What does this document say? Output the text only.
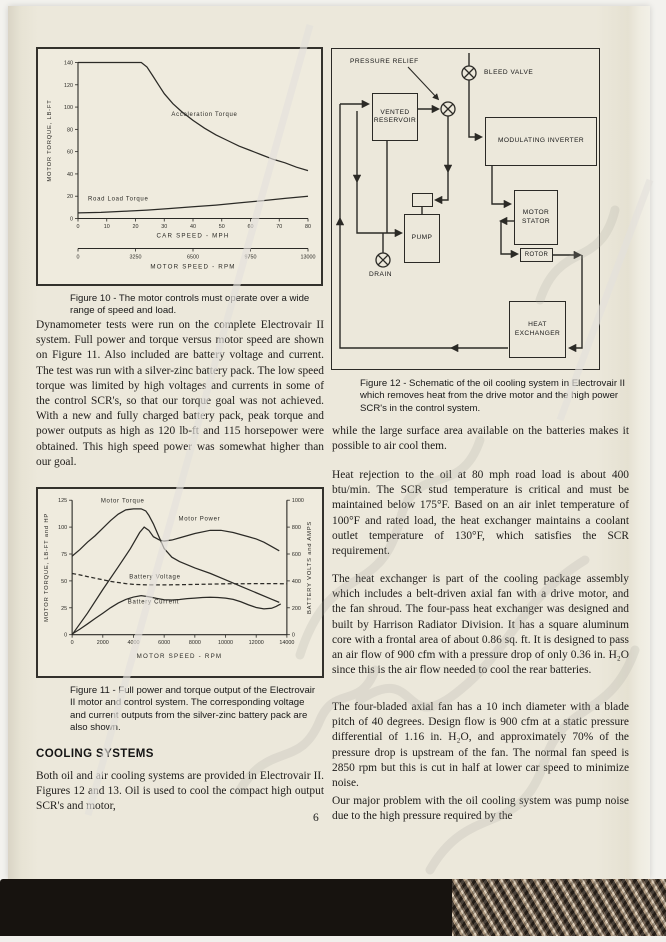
0	10	20	30	40	50	60	70	80
CAR SPEED - MPH
0
20
40
60
80
100
120
140
MOTOR TORQUE, LB-FT
0	3250	6500	9750	13000
MOTOR SPEED - RPM
Acceleration Torque
Road Load Torque
Figure 10 - The motor controls must operate over a wide range of speed and load.
Dynamometer tests were run on the complete Electrovair II system. Full power and torque versus motor speed are shown on Figure 11. Also included are battery voltage and current. The test was run with a silver-zinc battery pack. The low speed torque was limited by high voltages and currents in some of the control SCR's, so that our torque goal was not achieved. With a new and fully charged battery pack, peak torque and power outputs as high as 120 lb-ft and 115 horsepower were obtained. This high speed power was somewhat higher than our goal.
0	2000	4000	6000	8000	10000	12000	14000
MOTOR SPEED - RPM
0
25
50
75
100
125
MOTOR TORQUE, LB-FT and HP
0
200
400
600
800
1000
BATTERY VOLTS and AMPS
Motor Torque
Motor Power
Battery Voltage
Battery Current
Figure 11 - Full power and torque output of the Electrovair II motor and control system. The corresponding voltage and current outputs from the silver-zinc battery pack are also shown.
COOLING SYSTEMS
Both oil and air cooling systems are provided in Electrovair II. Figures 12 and 13. Oil is used to cool the compact high output SCR's and motor,
6
PRESSURE RELIEF
BLEED VALVE
DRAIN
VENTED RESERVOIR
MODULATING INVERTER
MOTOR STATOR
ROTOR
PUMP
HEAT EXCHANGER
Figure 12 - Schematic of the oil cooling system in Electrovair II which removes heat from the drive motor and the high power SCR's in the control system.
while the large surface area available on the batteries makes it possible to air cool them.
Heat rejection to the oil at 80 mph road load is about 400 btu/min. The SCR stud temperature is critical and must be maintained below 175°F. Based on an air inlet temperature of 100°F and rated load, the heat exchanger maintains a coolant outlet temperature of 130°F, which satisfies the SCR requirement.
The heat exchanger is part of the cooling package assembly which includes a belt-driven axial fan with a drive motor, and the fan shroud. The four-pass heat exchanger was designed and built by Harrison Radiator Division. It has a square aluminum core with a frontal area of about 0.86 sq. ft. It is designed to pass an air flow of 900 cfm with a pressure drop of only 0.36 in. H₂O since this is the air flow needed to cool the rear batteries.
The four-bladed axial fan has a 10 inch diameter with a blade pitch of 40 degrees. Design flow is 900 cfm at a static pressure differential of 1.16 in. H₂O, and approximately 70% of the pressure drop is upstream of the fan. The normal fan speed is 2850 rpm but this is cut in half at lower car speed to minimize noise.
Our major problem with the oil cooling system was pump noise due to the high pressure required by the
